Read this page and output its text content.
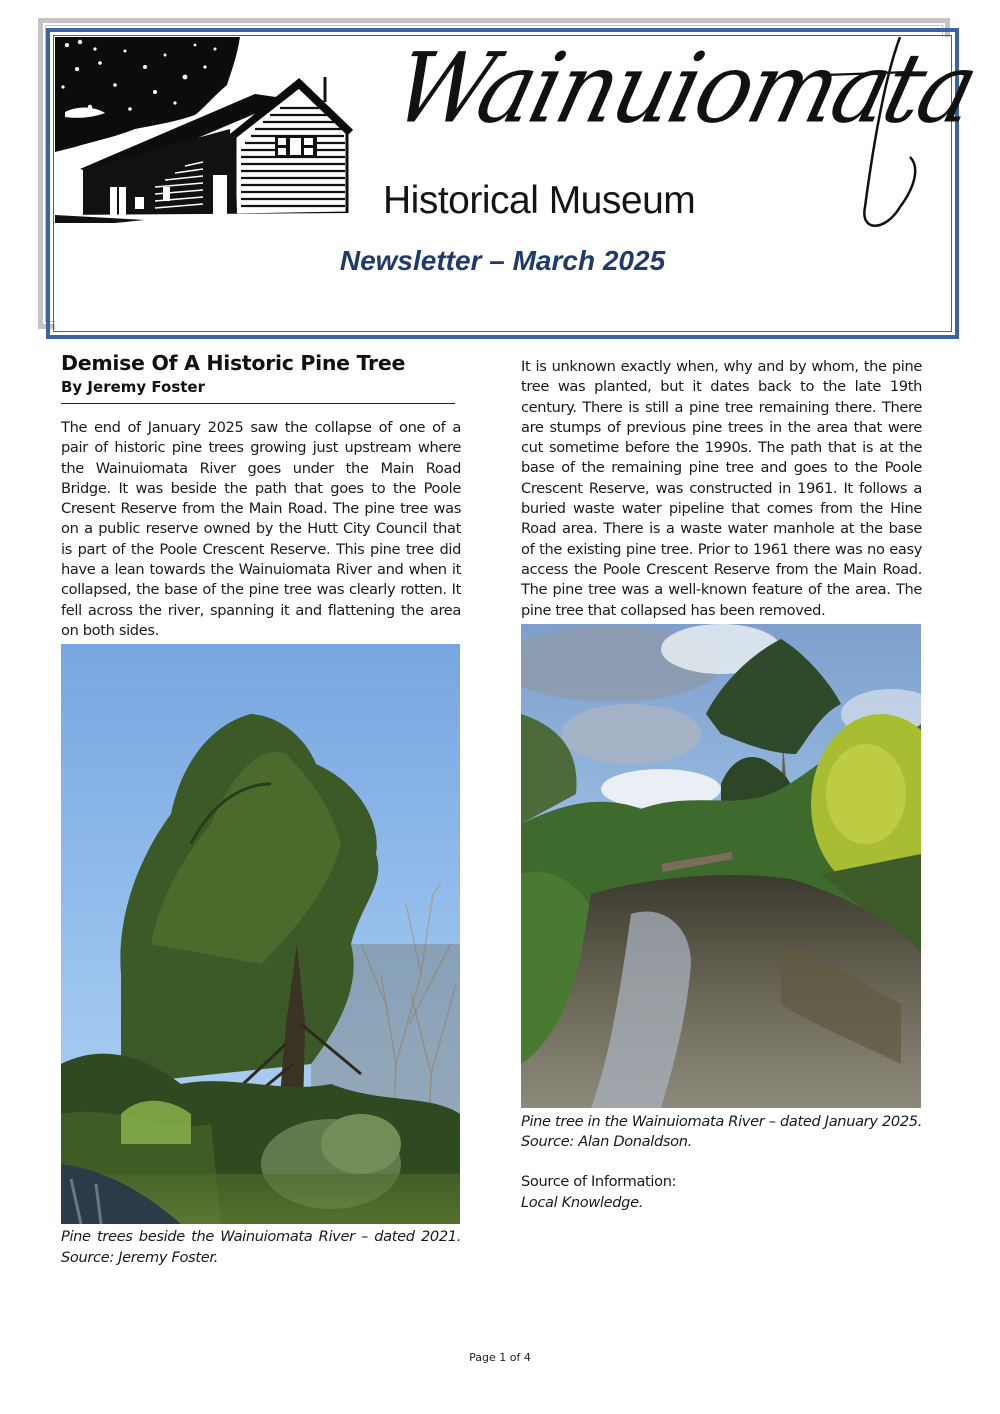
Wainuiomata
Historical Museum
Newsletter – March 2025
Demise Of A Historic Pine Tree
By Jeremy Foster

The end of January 2025 saw the collapse of one of a pair of historic pine trees growing just upstream where the Wainuiomata River goes under the Main Road Bridge. It was beside the path that goes to the Poole Cresent Reserve from the Main Road. The pine tree was on a public reserve owned by the Hutt City Council that is part of the Poole Crescent Reserve. This pine tree did have a lean towards the Wainuiomata River and when it collapsed, the base of the pine tree was clearly rotten. It fell across the river, spanning it and flattening the area on both sides.

Pine trees beside the Wainuiomata River – dated 2021. Source: Jeremy Foster.

It is unknown exactly when, why and by whom, the pine tree was planted, but it dates back to the late 19th century. There is still a pine tree remaining there. There are stumps of previous pine trees in the area that were cut sometime before the 1990s. The path that is at the base of the remaining pine tree and goes to the Poole Crescent Reserve, was constructed in 1961. It follows a buried waste water pipeline that comes from the Hine Road area. There is a waste water manhole at the base of the existing pine tree. Prior to 1961 there was no easy access the Poole Crescent Reserve from the Main Road. The pine tree was a well-known feature of the area. The pine tree that collapsed has been removed.

Pine tree in the Wainuiomata River – dated January 2025. Source: Alan Donaldson.

Source of Information:
Local Knowledge.
Page 1 of 4
